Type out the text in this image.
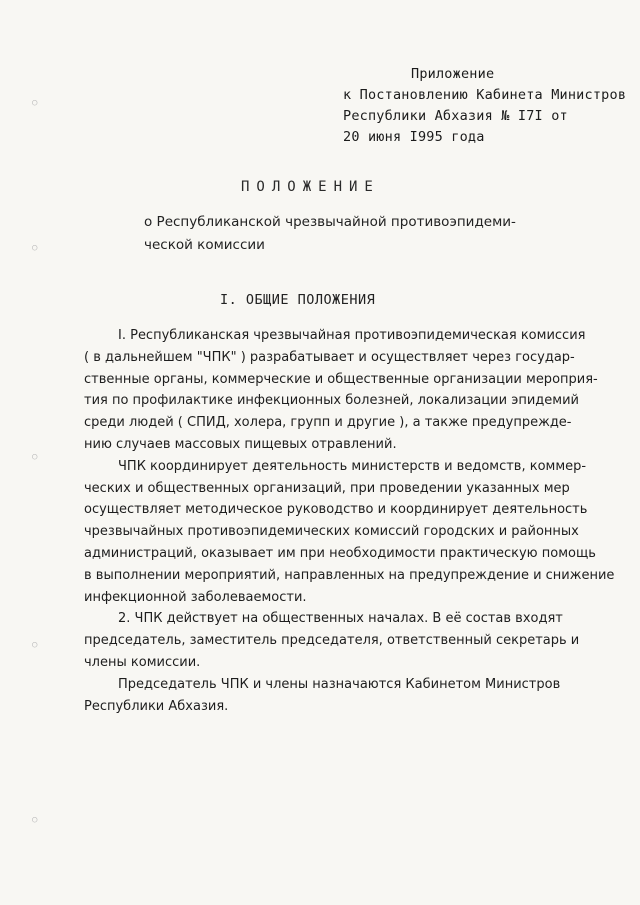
○
○
○
○
○
Приложение
к Постановлению Кабинета Министров
Республики Абхазия № I7I от
20 июня I995 года
ПОЛОЖЕНИЕ
о Республиканской чрезвычайной противоэпидеми-
ческой комиссии
I. ОБЩИЕ ПОЛОЖЕНИЯ
I. Республиканская чрезвычайная противоэпидемическая комиссия
( в дальнейшем "ЧПК" ) разрабатывает и осуществляет через государ-
ственные органы, коммерческие и общественные организации мероприя-
тия по профилактике инфекционных болезней, локализации эпидемий
среди людей ( СПИД, холера, групп и другие ), а также предупрежде-
нию случаев массовых пищевых отравлений.
ЧПК координирует деятельность министерств и ведомств, коммер-
ческих и общественных организаций, при проведении указанных мер
осуществляет методическое руководство и координирует деятельность
чрезвычайных противоэпидемических комиссий городских и районных
администраций, оказывает им при необходимости практическую помощь
в выполнении мероприятий, направленных на предупреждение и снижение
инфекционной заболеваемости.
2. ЧПК действует на общественных началах. В её состав входят
председатель, заместитель председателя, ответственный секретарь и
члены комиссии.
Председатель ЧПК и члены назначаются Кабинетом Министров
Республики Абхазия.
